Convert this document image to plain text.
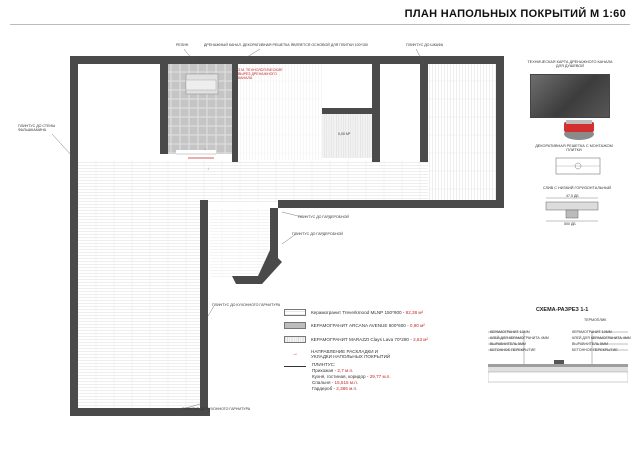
ПЛАН НАПОЛЬНЫХ ПОКРЫТИЙ М 1:60
→
↓
РЕЛИН	ДРЕНАЖНЫЙ КАНАЛ. ДЕКОРАТИВНАЯ РЕШЕТКА ЯВЛЯЕТСЯ ОСНОВОЙ ДЛЯ ПЛИТКИ 100*150	ПЛИНТУС ДО ШКАФА
3 М. ТЕХНОЛОГИЧЕСКИЕ ВЫРЕЗ ДРЕНАЖНОГО КАНАЛА
ПЛИНТУС ДО СТЕНЫ ФАЛЬШКАМИНА
ПЛИНТУС ДО ГАРДЕРОБНОЙ
ПЛИНТУС ДО ГАРДЕРОБНОЙ
ПЛИНТУС ДО КУХОННОГО ГАРНИТУРА
ПЛИНТУС ДО КУХОННОГО ГАРНИТУРА
0,00 М²
Керамогранит Treverkmood MLNP 150*900 - 82,38 м²
КЕРАМОГРАНИТ ARCANA AVENUE 600*600 - 0,90 м²
КЕРАМОГРАНИТ MARAZZI Clays Lava 70*280 - 2,63 м²
→	НАПРАВЛЕНИЕ РАСКЛАДКИ И УКЛАДКИ НАПОЛЬНЫХ ПОКРЫТИЙ
ПЛИНТУС:
Прихожая - 2,7 м.п.
Кухня, гостиная, коридор - 29,77 м.п.
Спальня - 15,515 м.п.
Гардероб - 2,386 м.п.
ТЕХНИЧЕСКАЯ КАРТА ДРЕНАЖНОГО КАНАЛА ДЛЯ ДУШЕВОЙ
ДЕКОРАТИВНАЯ РЕШЕТКА С МОНТАЖОМ ПЛИТКИ
СЛИВ С НИЗКИЙ ГОРИЗОНТАЛЬНЫЙ
47,5 ДБ
500 ДБ
СХЕМА-РАЗРЕЗ 1-1
ТЕРМОПЛИК
КЕРАМОГРАНИТ 10ММ
КЛЕЙ ДЛЯ КЕРАМОГРАНИТА 4ММ
ВЫРАВНИТЕЛЬ 5ММ
БЕТОННОЕ ПЕРЕКРЫТИЕ
КЕРАМОГРАНИТ 10ММ
КЛЕЙ ДЛЯ КЕРАМОГРАНИТА 4ММ
ВЫРАВНИТЕЛЬ 5ММ
БЕТОННОЕ ПЕРЕКРЫТИЕ
